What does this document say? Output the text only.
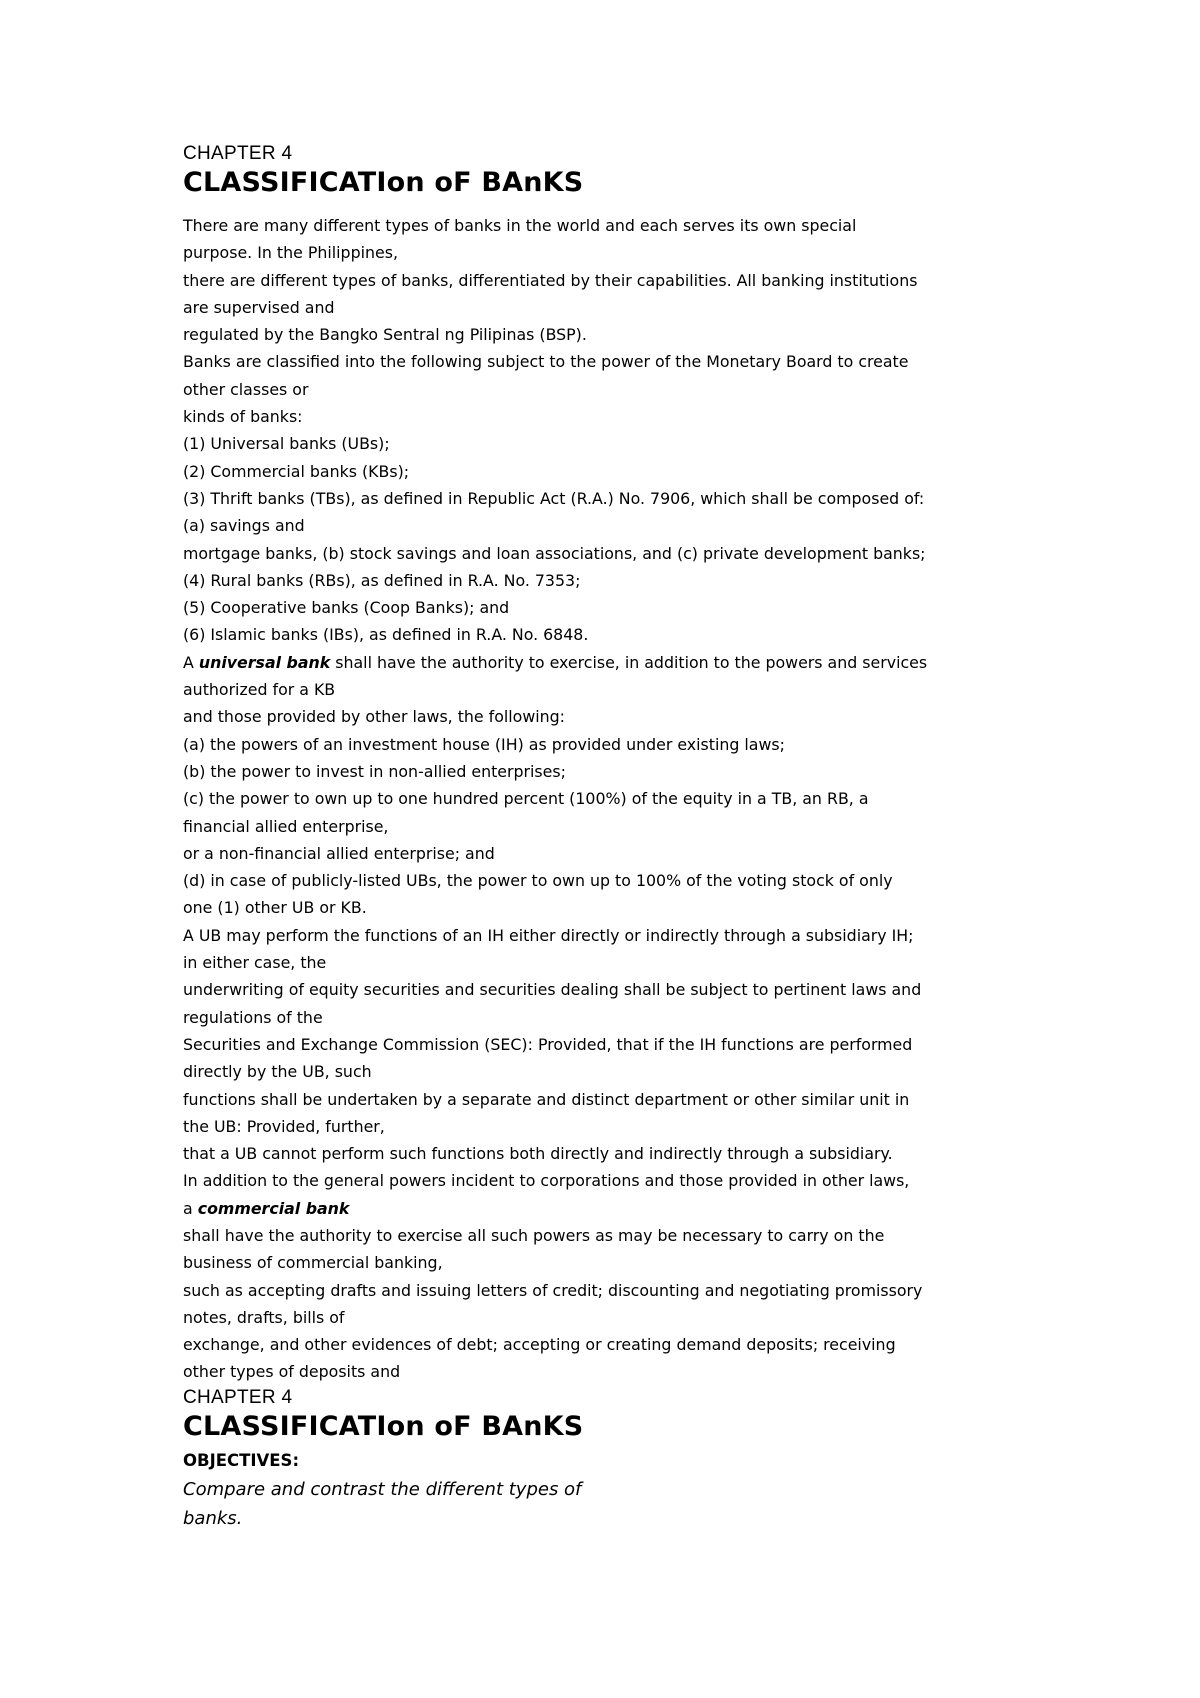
CHAPTER 4
CLASSIFICATIon oF BAnKS
There are many different types of banks in the world and each serves its own special
purpose. In the Philippines,
there are different types of banks, differentiated by their capabilities. All banking institutions
are supervised and
regulated by the Bangko Sentral ng Pilipinas (BSP).
Banks are classified into the following subject to the power of the Monetary Board to create
other classes or
kinds of banks:
(1) Universal banks (UBs);
(2) Commercial banks (KBs);
(3) Thrift banks (TBs), as defined in Republic Act (R.A.) No. 7906, which shall be composed of:
(a) savings and
mortgage banks, (b) stock savings and loan associations, and (c) private development banks;
(4) Rural banks (RBs), as defined in R.A. No. 7353;
(5) Cooperative banks (Coop Banks); and
(6) Islamic banks (IBs), as defined in R.A. No. 6848.
A universal bank shall have the authority to exercise, in addition to the powers and services
authorized for a KB
and those provided by other laws, the following:
(a) the powers of an investment house (IH) as provided under existing laws;
(b) the power to invest in non-allied enterprises;
(c) the power to own up to one hundred percent (100%) of the equity in a TB, an RB, a
financial allied enterprise,
or a non-financial allied enterprise; and
(d) in case of publicly-listed UBs, the power to own up to 100% of the voting stock of only
one (1) other UB or KB.
A UB may perform the functions of an IH either directly or indirectly through a subsidiary IH;
in either case, the
underwriting of equity securities and securities dealing shall be subject to pertinent laws and
regulations of the
Securities and Exchange Commission (SEC): Provided, that if the IH functions are performed
directly by the UB, such
functions shall be undertaken by a separate and distinct department or other similar unit in
the UB: Provided, further,
that a UB cannot perform such functions both directly and indirectly through a subsidiary.
In addition to the general powers incident to corporations and those provided in other laws,
a commercial bank
shall have the authority to exercise all such powers as may be necessary to carry on the
business of commercial banking,
such as accepting drafts and issuing letters of credit; discounting and negotiating promissory
notes, drafts, bills of
exchange, and other evidences of debt; accepting or creating demand deposits; receiving
other types of deposits and
CHAPTER 4
CLASSIFICATIon oF BAnKS
OBJECTIVES:
Compare and contrast the different types of
banks.
